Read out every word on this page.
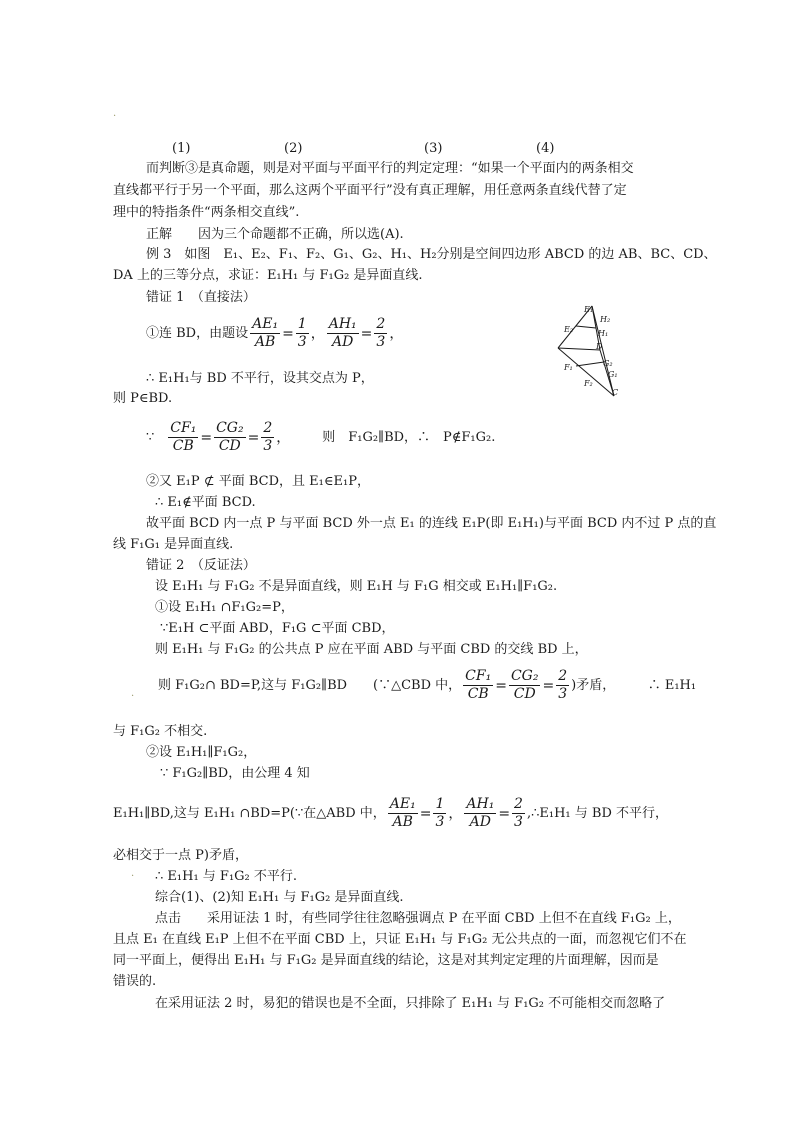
.
(1)	(2)	(3)	(4)
而判断③是真命题，则是对平面与平面平行的判定定理：“如果一个平面内的两条相交
直线都平行于另一个平面，那么这两个平面平行”没有真正理解，用任意两条直线代替了定
理中的特指条件“两条相交直线”.
正解　　因为三个命题都不正确，所以选(A).
例 3　如图　E₁、E₂、F₁、F₂、G₁、G₂、H₁、H₂分别是空间四边形 ABCD 的边 AB、BC、CD、
DA 上的三等分点，求证：E₁H₁ 与 F₁G₂ 是异面直线.
错证 1　（直接法）
①连 BD，由题设 $\frac{\text{AE₁}}{AB} = \frac{1}{3}$ ， $\frac{\text{AH₁}}{AD} = \frac{2}{3}$ ，
E₁
H₂
E₂	H₁
D
G₂
F₁
G₁
F₂
C
∴ E₁H₁与 BD 不平行，设其交点为 P，
则 P∈BD.
∵ $\frac{\text{CF₁}}{CB} = \frac{\text{CG₂}}{CD} = \frac{2}{3}$ ， 则　F₁G₂∥BD，∴　P∉F₁G₂.
②又 E₁P ⊄ 平面 BCD，且 E₁∈E₁P，
∴ E₁∉平面 BCD.
故平面 BCD 内一点 P 与平面 BCD 外一点 E₁ 的连线 E₁P(即 E₁H₁)与平面 BCD 内不过 P 点的直
线 F₁G₁ 是异面直线.
错证 2　（反证法）
设 E₁H₁ 与 F₁G₂ 不是异面直线，则 E₁H 与 F₁G 相交或 E₁H₁∥F₁G₂.
①设 E₁H₁ ∩F₁G₂=P，
∵E₁H ⊂平面 ABD，F₁G ⊂平面 CBD，
则 E₁H₁ 与 F₁G₂ 的公共点 P 应在平面 ABD 与平面 CBD 的交线 BD 上，
.
则 F₁G₂∩ BD=P,这与 F₁G₂∥BD　　(∵△CBD 中， $\frac{\text{CF₁}}{CB} = \frac{\text{CG₂}}{CD} = \frac{2}{3}$ )矛盾，　　　∴ E₁H₁
与 F₁G₂ 不相交.
②设 E₁H₁∥F₁G₂，
∵ F₁G₂∥BD，由公理 4 知
E₁H₁∥BD,这与 E₁H₁ ∩BD=P(∵在△ABD 中， $\frac{\text{AE₁}}{AB} = \frac{1}{3}$ ， $\frac{\text{AH₁}}{AD} = \frac{2}{3}$ ,∴E₁H₁ 与 BD 不平行，
必相交于一点 P)矛盾，
. ∴ E₁H₁ 与 F₁G₂ 不平行.
综合(1)、(2)知 E₁H₁ 与 F₁G₂ 是异面直线.
点击　　采用证法 1 时，有些同学往往忽略强调点 P 在平面 CBD 上但不在直线 F₁G₂ 上，
且点 E₁ 在直线 E₁P 上但不在平面 CBD 上，只证 E₁H₁ 与 F₁G₂ 无公共点的一面，而忽视它们不在
同一平面上，便得出 E₁H₁ 与 F₁G₂ 是异面直线的结论，这是对其判定定理的片面理解，因而是
错误的.
在采用证法 2 时，易犯的错误也是不全面，只排除了 E₁H₁ 与 F₁G₂ 不可能相交而忽略了
